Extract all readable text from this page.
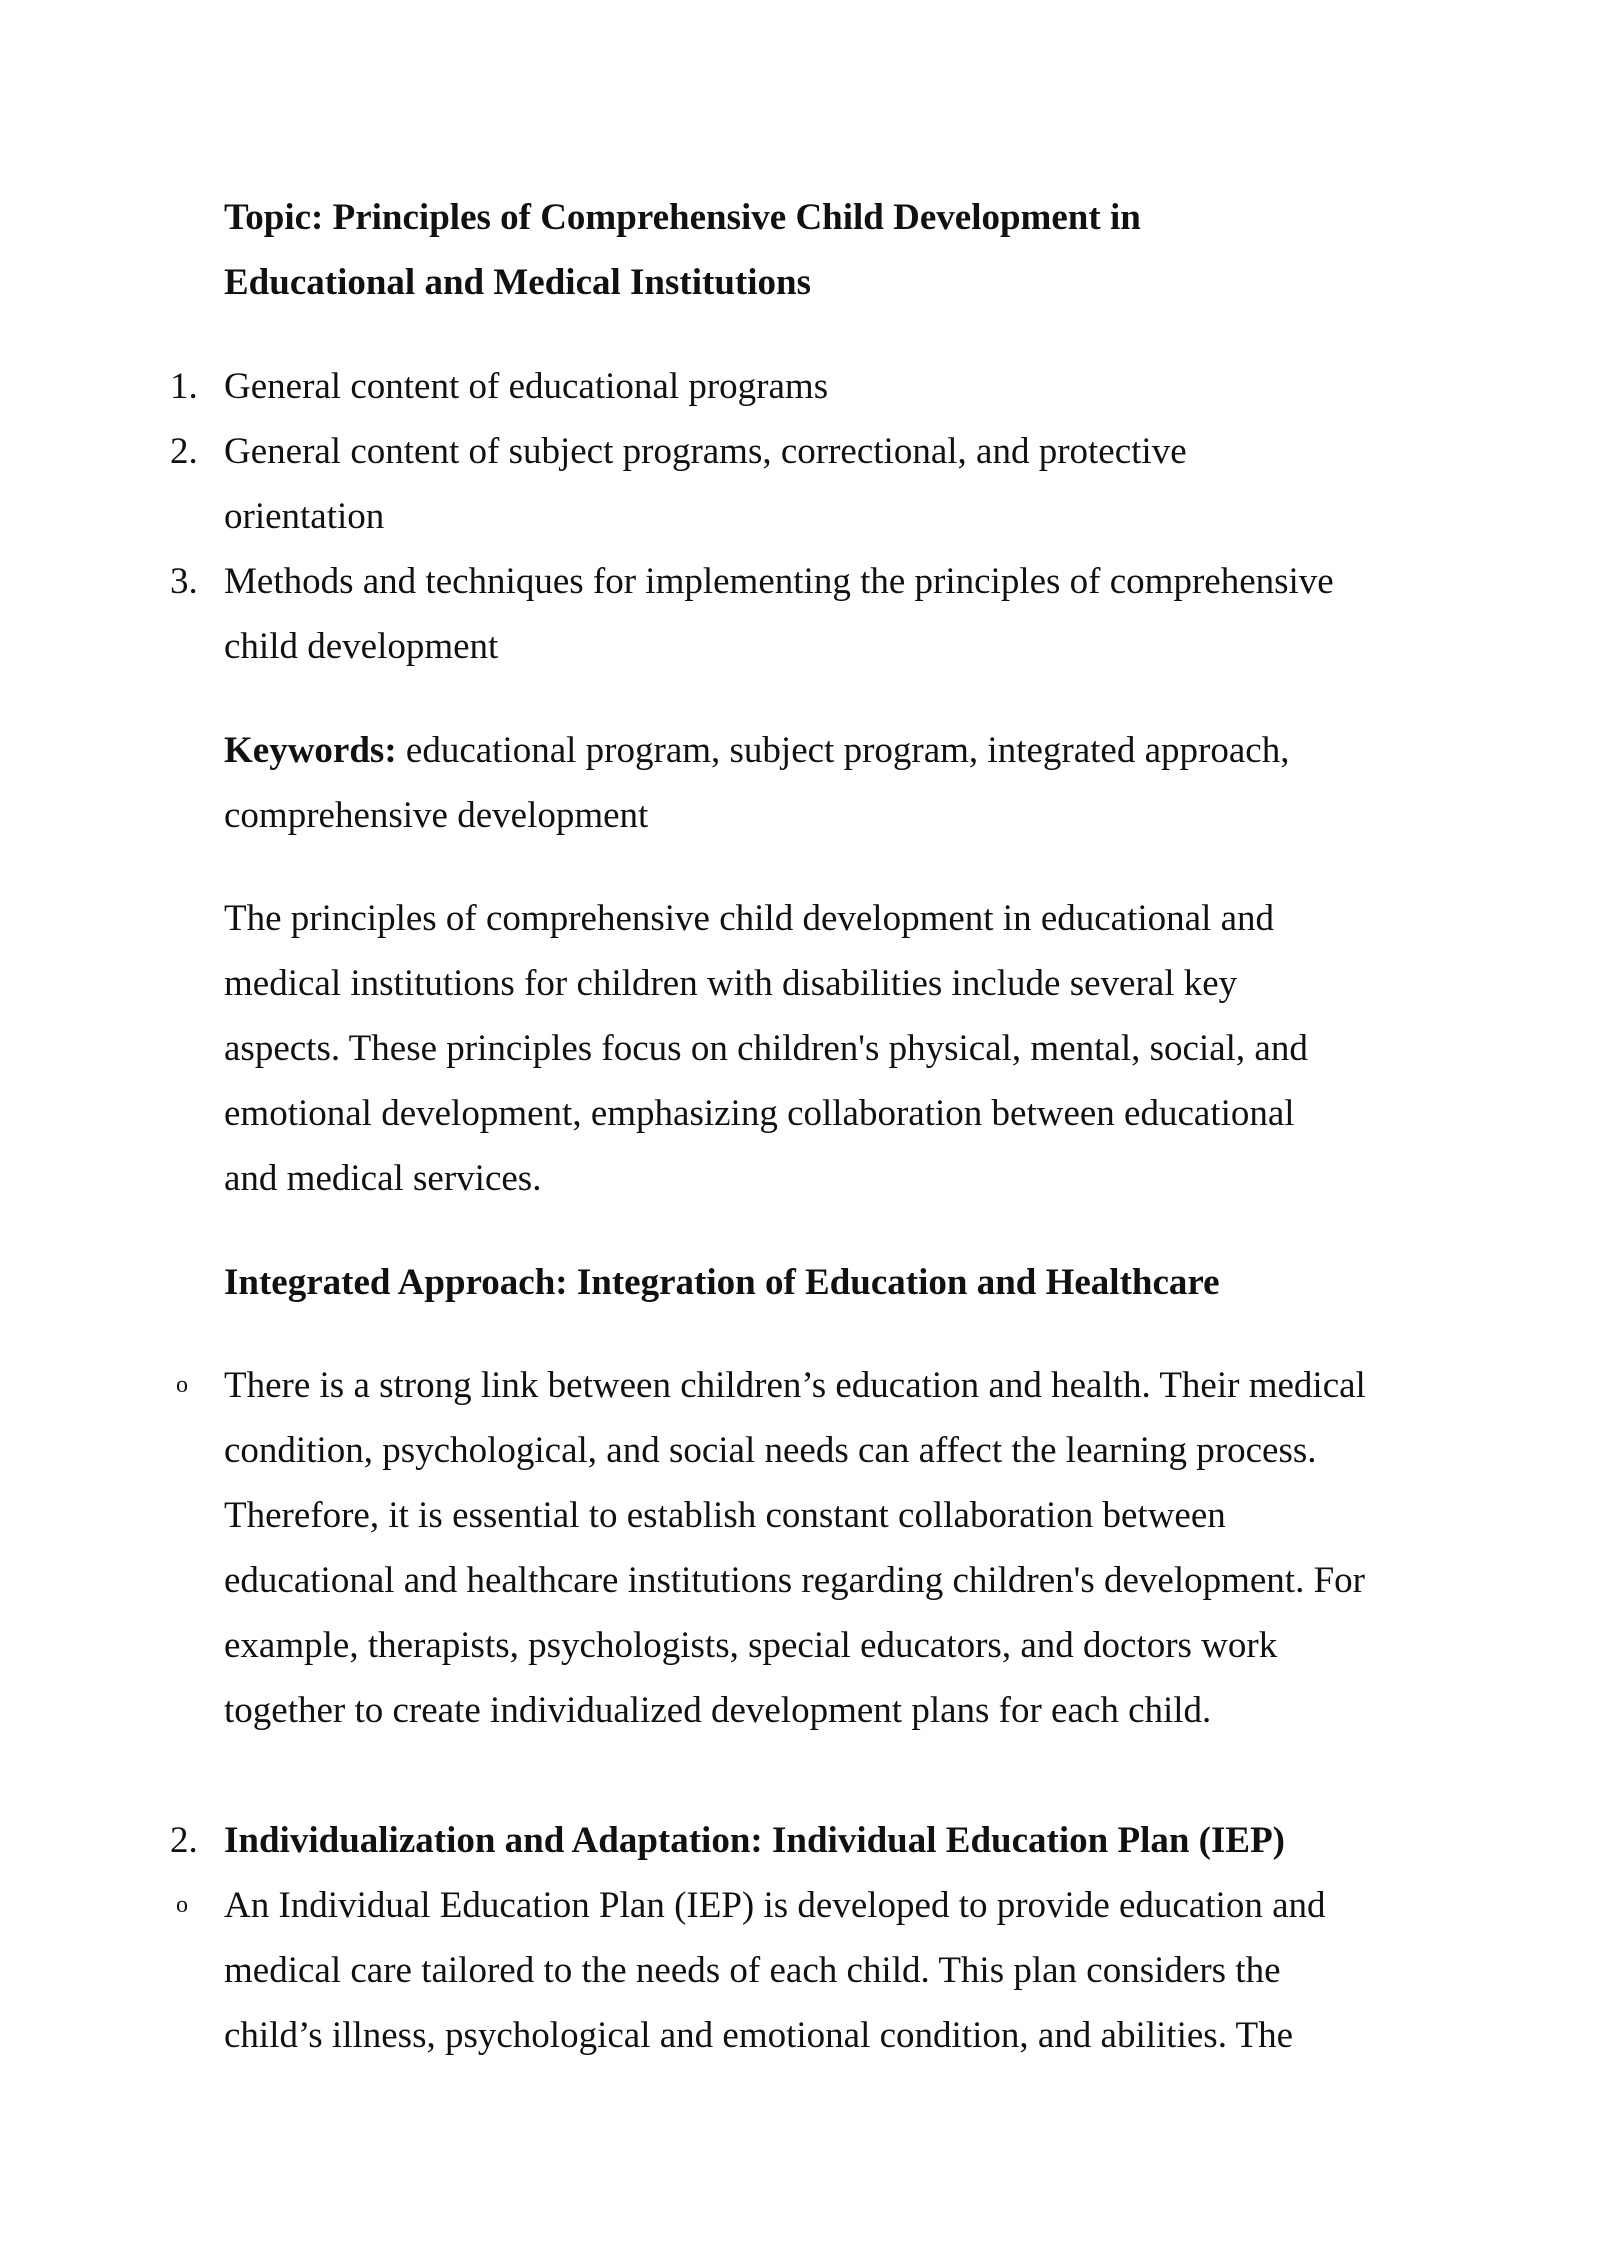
Topic: Principles of Comprehensive Child Development in
Educational and Medical Institutions
1. General content of educational programs
2. General content of subject programs, correctional, and protective orientation
3. Methods and techniques for implementing the principles of comprehensive child development

Keywords: educational program, subject program, integrated approach, comprehensive development

The principles of comprehensive child development in educational and medical institutions for children with disabilities include several key aspects. These principles focus on children's physical, mental, social, and emotional development, emphasizing collaboration between educational and medical services.

Integrated Approach: Integration of Education and Healthcare
o There is a strong link between children’s education and health. Their medical condition, psychological, and social needs can affect the learning process. Therefore, it is essential to establish constant collaboration between educational and healthcare institutions regarding children's development. For example, therapists, psychologists, special educators, and doctors work together to create individualized development plans for each child.
2. Individualization and Adaptation: Individual Education Plan (IEP)
o An Individual Education Plan (IEP) is developed to provide education and medical care tailored to the needs of each child. This plan considers the child’s illness, psychological and emotional condition, and abilities. The
